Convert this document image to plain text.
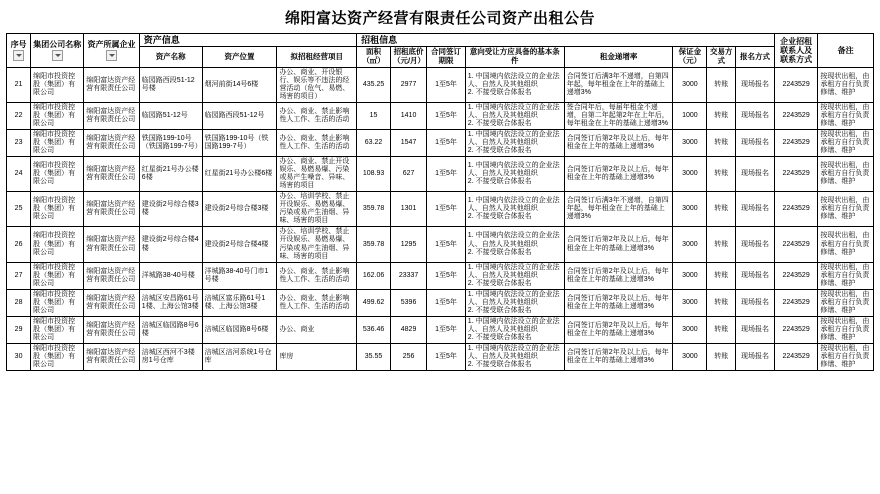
绵阳富达资产经营有限责任公司资产出租公告
序号	集团公司名称	资产所属企业	资产信息			招租信息								企业招租联系人及联系方式	备注

			资产名称	资产位置	拟招租经营项目	面积（㎡）	招租底价（元/月）	合同签订期限	意向受让方应具备的基本条件	租金递增率	保证金（元）	交易方式	报名方式		

21	绵阳市投资控股（集团）有限公司	绵阳富达资产经营有限责任公司	临园路西段51-12号楼	烟河前街14号6楼	办公、商业、开设银行、娱乐等不违法的经营活动（危气、易燃、场害的项目）	435.25	2977	1至5年	1. 中国境内依法设立的企业法人、自然人及其他组织
2. 不接受联合体报名	合同签订后满3年不递增，自第四年起，每年租金在上年的基础上递增3%	3000	转账	现场报名	2243529	按现状出租，由承租方自行负责修缮、维护
22	绵阳市投资控股（集团）有限公司	绵阳富达资产经营有限责任公司	临园路51-12号	临园路西段51-12号	办公、商业、禁止影响性人工作、生活的活动	15	1410	1至5年	1. 中国境内依法设立的企业法人、自然人及其他组织
2. 不接受联合体报名	签合同年后，每届年租金不递增，自第二年起第2年在上年后，每年租金在上年的基础上递增3%	1000	转账	现场报名	2243529	按现状出租，由承租方自行负责修缮、维护
23	绵阳市投资控股（集团）有限公司	绵阳富达资产经营有限责任公司	铁国路199-10号（铁国路199-7号）	铁国路199-10号（铁国路199-7号）	办公、商业、禁止影响性人工作、生活的活动	63.22	1547	1至5年	1. 中国境内依法设立的企业法人、自然人及其他组织
2. 不接受联合体报名	合同签订后第2年及以上后，每年租金在上年的基础上递增3%	3000	转账	现场报名	2243529	按现状出租，由承租方自行负责修缮、维护
24	绵阳市投资控股（集团）有限公司	绵阳富达资产经营有限责任公司	红星街21号办公楼6楼	红星街21号办公楼6楼	办公、商业、禁止开设娱乐、易燃易爆、污染或易产生噪音、异味、场害的项目	108.93	627	1至5年	1. 中国境内依法设立的企业法人、自然人及其他组织
2. 不接受联合体报名	合同签订后第2年及以上后，每年租金在上年的基础上递增3%	3000	转账	现场报名	2243529	按现状出租，由承租方自行负责修缮、维护
25	绵阳市投资控股（集团）有限公司	绵阳富达资产经营有限责任公司	建设街2号综合楼3楼	建设街2号综合楼3楼	办公、培训学校、禁止开设娱乐、易燃易爆、污染或易产生油烟、异味、场害的项目	359.78	1301	1至5年	1. 中国境内依法设立的企业法人、自然人及其他组织
2. 不接受联合体报名	合同签订后满3年不递增，自第四年起，每年租金在上年的基础上递增3%	3000	转账	现场报名	2243529	按现状出租，由承租方自行负责修缮、维护
26	绵阳市投资控股（集团）有限公司	绵阳富达资产经营有限责任公司	建设街2号综合楼4楼	建设街2号综合楼4楼	办公、培训学校、禁止开设娱乐、易燃易爆、污染或易产生油烟、异味、场害的项目	359.78	1295	1至5年	1. 中国境内依法设立的企业法人、自然人及其他组织
2. 不接受联合体报名	合同签订后第2年及以上后，每年租金在上年的基础上递增3%	3000	转账	现场报名	2243529	按现状出租，由承租方自行负责修缮、维护
27	绵阳市投资控股（集团）有限公司	绵阳富达资产经营有限责任公司	洋城路38-40号楼	洋城路38-40号门市1号楼	办公、商业、禁止影响性人工作、生活的活动	162.06	23337	1至5年	1. 中国境内依法设立的企业法人、自然人及其他组织
2. 不接受联合体报名	合同签订后第2年及以上后，每年租金在上年的基础上递增3%	3000	转账	现场报名	2243529	按现状出租，由承租方自行负责修缮、维护
28	绵阳市投资控股（集团）有限公司	绵阳富达资产经营有限责任公司	涪城区安昌路61号1楼、上海公馆3楼	涪城区富乐路61号1楼、上海公馆3楼	办公、商业、禁止影响性人工作、生活的活动	499.62	5396	1至5年	1. 中国境内依法设立的企业法人、自然人及其他组织
2. 不接受联合体报名	合同签订后第2年及以上后，每年租金在上年的基础上递增3%	3000	转账	现场报名	2243529	按现状出租，由承租方自行负责修缮、维护
29	绵阳市投资控股（集团）有限公司	绵阳富达资产经营有限责任公司	涪城区临园路8号6楼	涪城区临园路8号6楼	办公、商业	536.46	4829	1至5年	1. 中国境内依法设立的企业法人、自然人及其他组织
2. 不接受联合体报名	合同签订后第2年及以上后，每年租金在上年的基础上递增3%	3000	转账	现场报名	2243529	按现状出租，由承租方自行负责修缮、维护
30	绵阳市投资控股（集团）有限公司	绵阳富达资产经营有限责任公司	涪城区西河不3楼房1号仓库	涪城区涪河系统1号仓库	库房	35.55	256	1至5年	1. 中国境内依法设立的企业法人、自然人及其他组织
2. 不接受联合体报名	合同签订后第2年及以上后，每年租金在上年的基础上递增3%	3000	转账	现场报名	2243529	按现状出租，由承租方自行负责修缮、维护
